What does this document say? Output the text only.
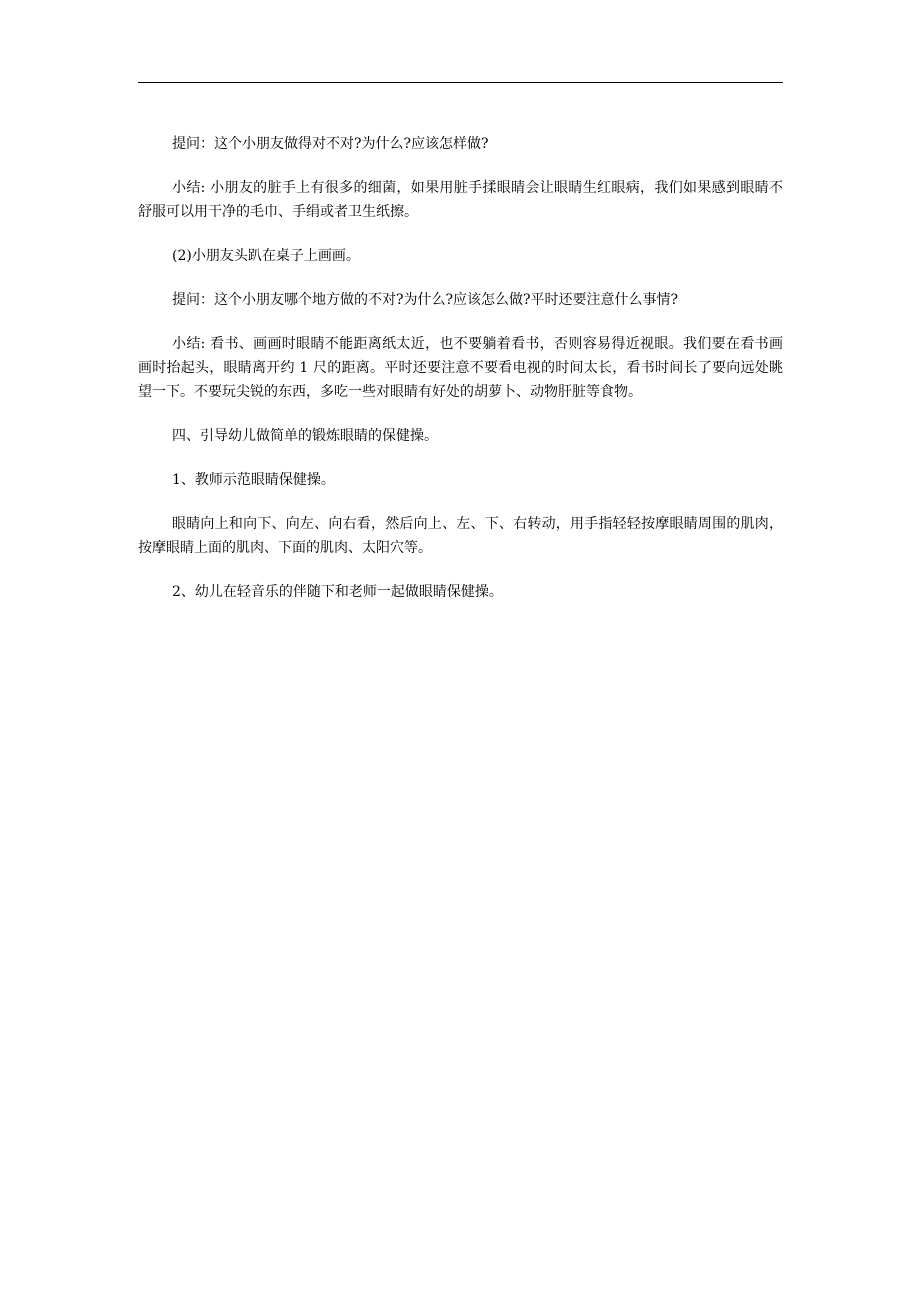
提问：这个小朋友做得对不对?为什么?应该怎样做?

小结: 小朋友的脏手上有很多的细菌，如果用脏手揉眼睛会让眼睛生红眼病，我们如果感到眼睛不舒服可以用干净的毛巾、手绢或者卫生纸擦。

(2)小朋友头趴在桌子上画画。

提问：这个小朋友哪个地方做的不对?为什么?应该怎么做?平时还要注意什么事情?

小结: 看书、画画时眼睛不能距离纸太近，也不要躺着看书，否则容易得近视眼。我们要在看书画画时抬起头，眼睛离开约 1 尺的距离。平时还要注意不要看电视的时间太长，看书时间长了要向远处眺望一下。不要玩尖锐的东西，多吃一些对眼睛有好处的胡萝卜、动物肝脏等食物。

四、引导幼儿做简单的锻炼眼睛的保健操。

1、教师示范眼睛保健操。

眼睛向上和向下、向左、向右看，然后向上、左、下、右转动，用手指轻轻按摩眼睛周围的肌肉，按摩眼睛上面的肌肉、下面的肌肉、太阳穴等。

2、幼儿在轻音乐的伴随下和老师一起做眼睛保健操。
